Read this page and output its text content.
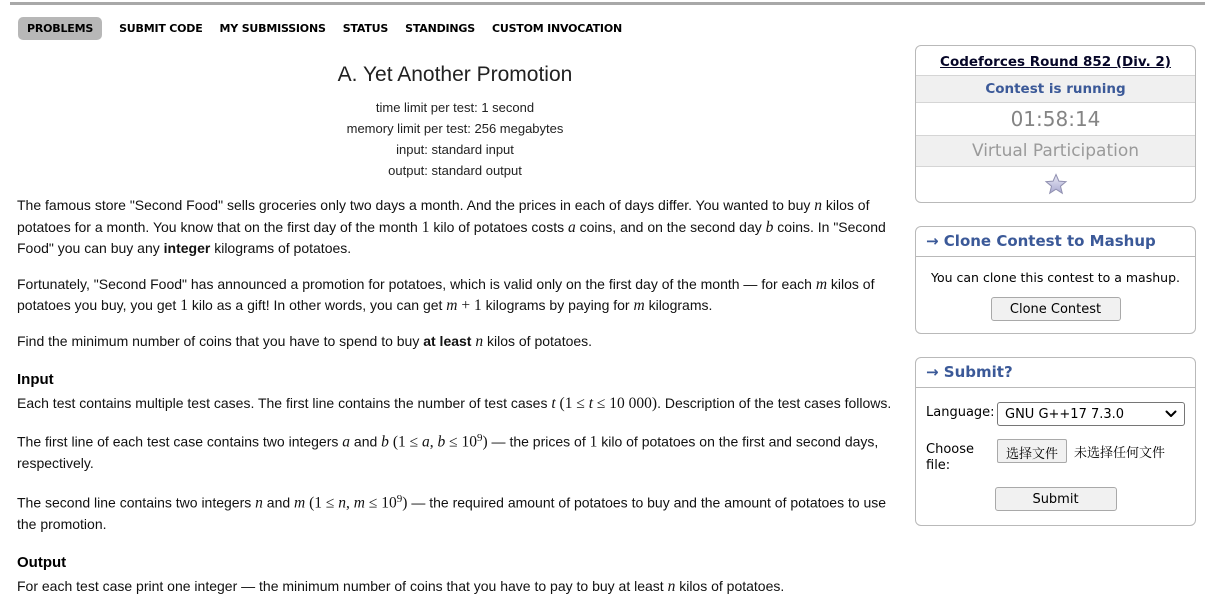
PROBLEMS	SUBMIT CODE MY SUBMISSIONS STATUS STANDINGS CUSTOM INVOCATION
A. Yet Another Promotion
time limit per test: 1 second
memory limit per test: 256 megabytes
input: standard input
output: standard output

The famous store "Second Food" sells groceries only two days a month. And the prices in each of days differ. You wanted to buy n kilos of potatoes for a month. You know that on the first day of the month 1 kilo of potatoes costs a coins, and on the second day b coins. In "Second Food" you can buy any integer kilograms of potatoes.

Fortunately, "Second Food" has announced a promotion for potatoes, which is valid only on the first day of the month — for each m kilos of potatoes you buy, you get 1 kilo as a gift! In other words, you can get m + 1 kilograms by paying for m kilograms.

Find the minimum number of coins that you have to spend to buy at least n kilos of potatoes.

Input

Each test contains multiple test cases. The first line contains the number of test cases t (1 ≤ t ≤ 10 000). Description of the test cases follows.

The first line of each test case contains two integers a and b (1 ≤ a, $b \le 10^9$) — the prices of 1 kilo of potatoes on the first and second days, respectively.

The second line contains two integers n and m (1 ≤ n, $m \le 10^9$) — the required amount of potatoes to buy and the amount of potatoes to use the promotion.

Output

For each test case print one integer — the minimum number of coins that you have to pay to buy at least n kilos of potatoes.

Codeforces Round 852 (Div. 2)
Contest is running
01:58:14
Virtual Participation
→ Clone Contest to Mashup
You can clone this contest to a mashup.
Clone Contest
→ Submit?
Language: GNU G++17 7.3.0
Choose file:
选择文件	未选择任何文件
Submit
